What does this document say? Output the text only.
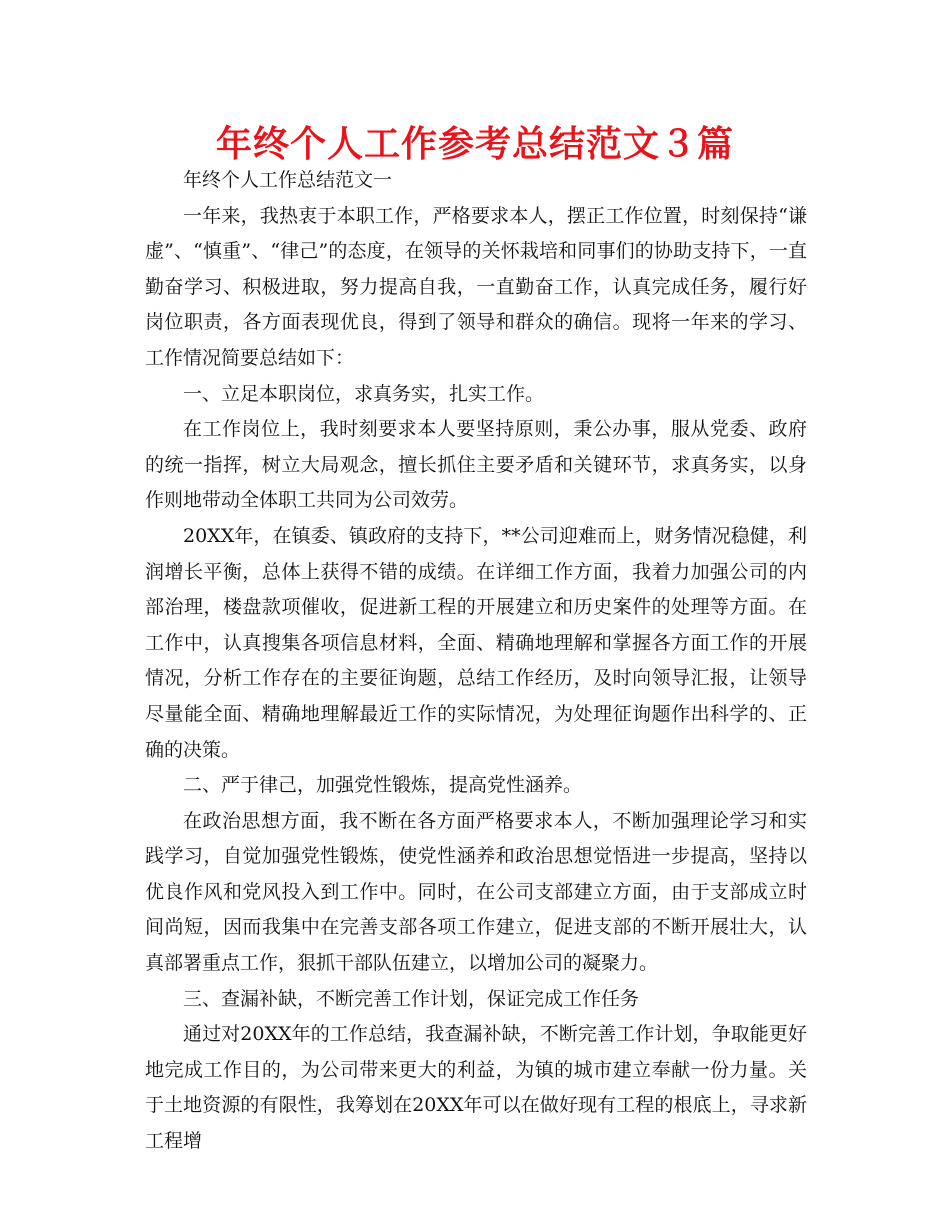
年终个人工作参考总结范文３篇

年终个人工作总结范文一

一年来，我热衷于本职工作，严格要求本人，摆正工作位置，时刻保持“谦虚”、“慎重”、“律己”的态度，在领导的关怀栽培和同事们的协助支持下，一直勤奋学习、积极进取，努力提高自我，一直勤奋工作，认真完成任务，履行好岗位职责，各方面表现优良，得到了领导和群众的确信。现将一年来的学习、工作情况简要总结如下：

一、立足本职岗位，求真务实，扎实工作。

在工作岗位上，我时刻要求本人要坚持原则，秉公办事，服从党委、政府的统一指挥，树立大局观念，擅长抓住主要矛盾和关键环节，求真务实，以身作则地带动全体职工共同为公司效劳。

20XX年，在镇委、镇政府的支持下，**公司迎难而上，财务情况稳健，利润增长平衡，总体上获得不错的成绩。在详细工作方面，我着力加强公司的内部治理，楼盘款项催收，促进新工程的开展建立和历史案件的处理等方面。在工作中，认真搜集各项信息材料，全面、精确地理解和掌握各方面工作的开展情况，分析工作存在的主要征询题，总结工作经历，及时向领导汇报，让领导尽量能全面、精确地理解最近工作的实际情况，为处理征询题作出科学的、正确的决策。

二、严于律己，加强党性锻炼，提高党性涵养。

在政治思想方面，我不断在各方面严格要求本人，不断加强理论学习和实践学习，自觉加强党性锻炼，使党性涵养和政治思想觉悟进一步提高，坚持以优良作风和党风投入到工作中。同时，在公司支部建立方面，由于支部成立时间尚短，因而我集中在完善支部各项工作建立，促进支部的不断开展壮大，认真部署重点工作，狠抓干部队伍建立，以增加公司的凝聚力。

三、查漏补缺，不断完善工作计划，保证完成工作任务

通过对20XX年的工作总结，我查漏补缺，不断完善工作计划，争取能更好地完成工作目的，为公司带来更大的利益，为镇的城市建立奉献一份力量。关于土地资源的有限性，我筹划在20XX年可以在做好现有工程的根底上，寻求新工程增
